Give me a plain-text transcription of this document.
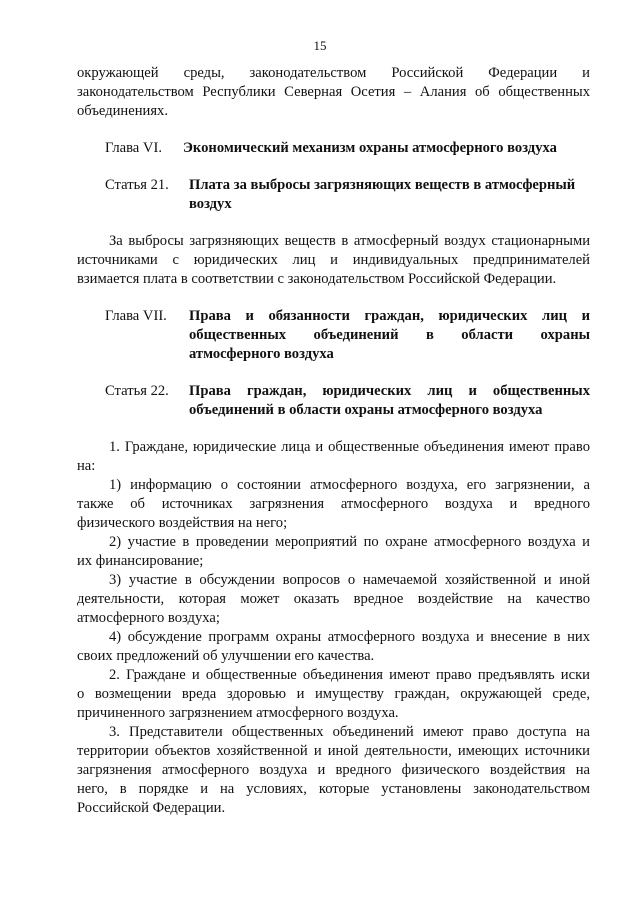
15

окружающей среды, законодательством Российской Федерации и

законодательством Республики Северная Осетия – Алания об общественных

объединениях.

Глава VI.	Экономический механизм охраны атмосферного воздуха
Статья 21.	Плата за выбросы загрязняющих веществ в атмосферный

воздух

За выбросы загрязняющих веществ в атмосферный воздух стационарными

источниками с юридических лиц и индивидуальных предпринимателей

взимается плата в соответствии с законодательством Российской Федерации.

Глава VII.	Права и обязанности граждан, юридических лиц и

общественных объединений в области охраны

атмосферного воздуха

Статья 22.	Права граждан, юридических лиц и общественных

объединений в области охраны атмосферного воздуха

1. Граждане, юридические лица и общественные объединения имеют право

на:

1) информацию о состоянии атмосферного воздуха, его загрязнении, а

также об источниках загрязнения атмосферного воздуха и вредного

физического воздействия на него;

2) участие в проведении мероприятий по охране атмосферного воздуха и

их финансирование;

3) участие в обсуждении вопросов о намечаемой хозяйственной и иной

деятельности, которая может оказать вредное воздействие на качество

атмосферного воздуха;

4) обсуждение программ охраны атмосферного воздуха и внесение в них

своих предложений об улучшении его качества.

2. Граждане и общественные объединения имеют право предъявлять иски

о возмещении вреда здоровью и имуществу граждан, окружающей среде,

причиненного загрязнением атмосферного воздуха.

3. Представители общественных объединений имеют право доступа на

территории объектов хозяйственной и иной деятельности, имеющих источники

загрязнения атмосферного воздуха и вредного физического воздействия на

него, в порядке и на условиях, которые установлены законодательством

Российской Федерации.
